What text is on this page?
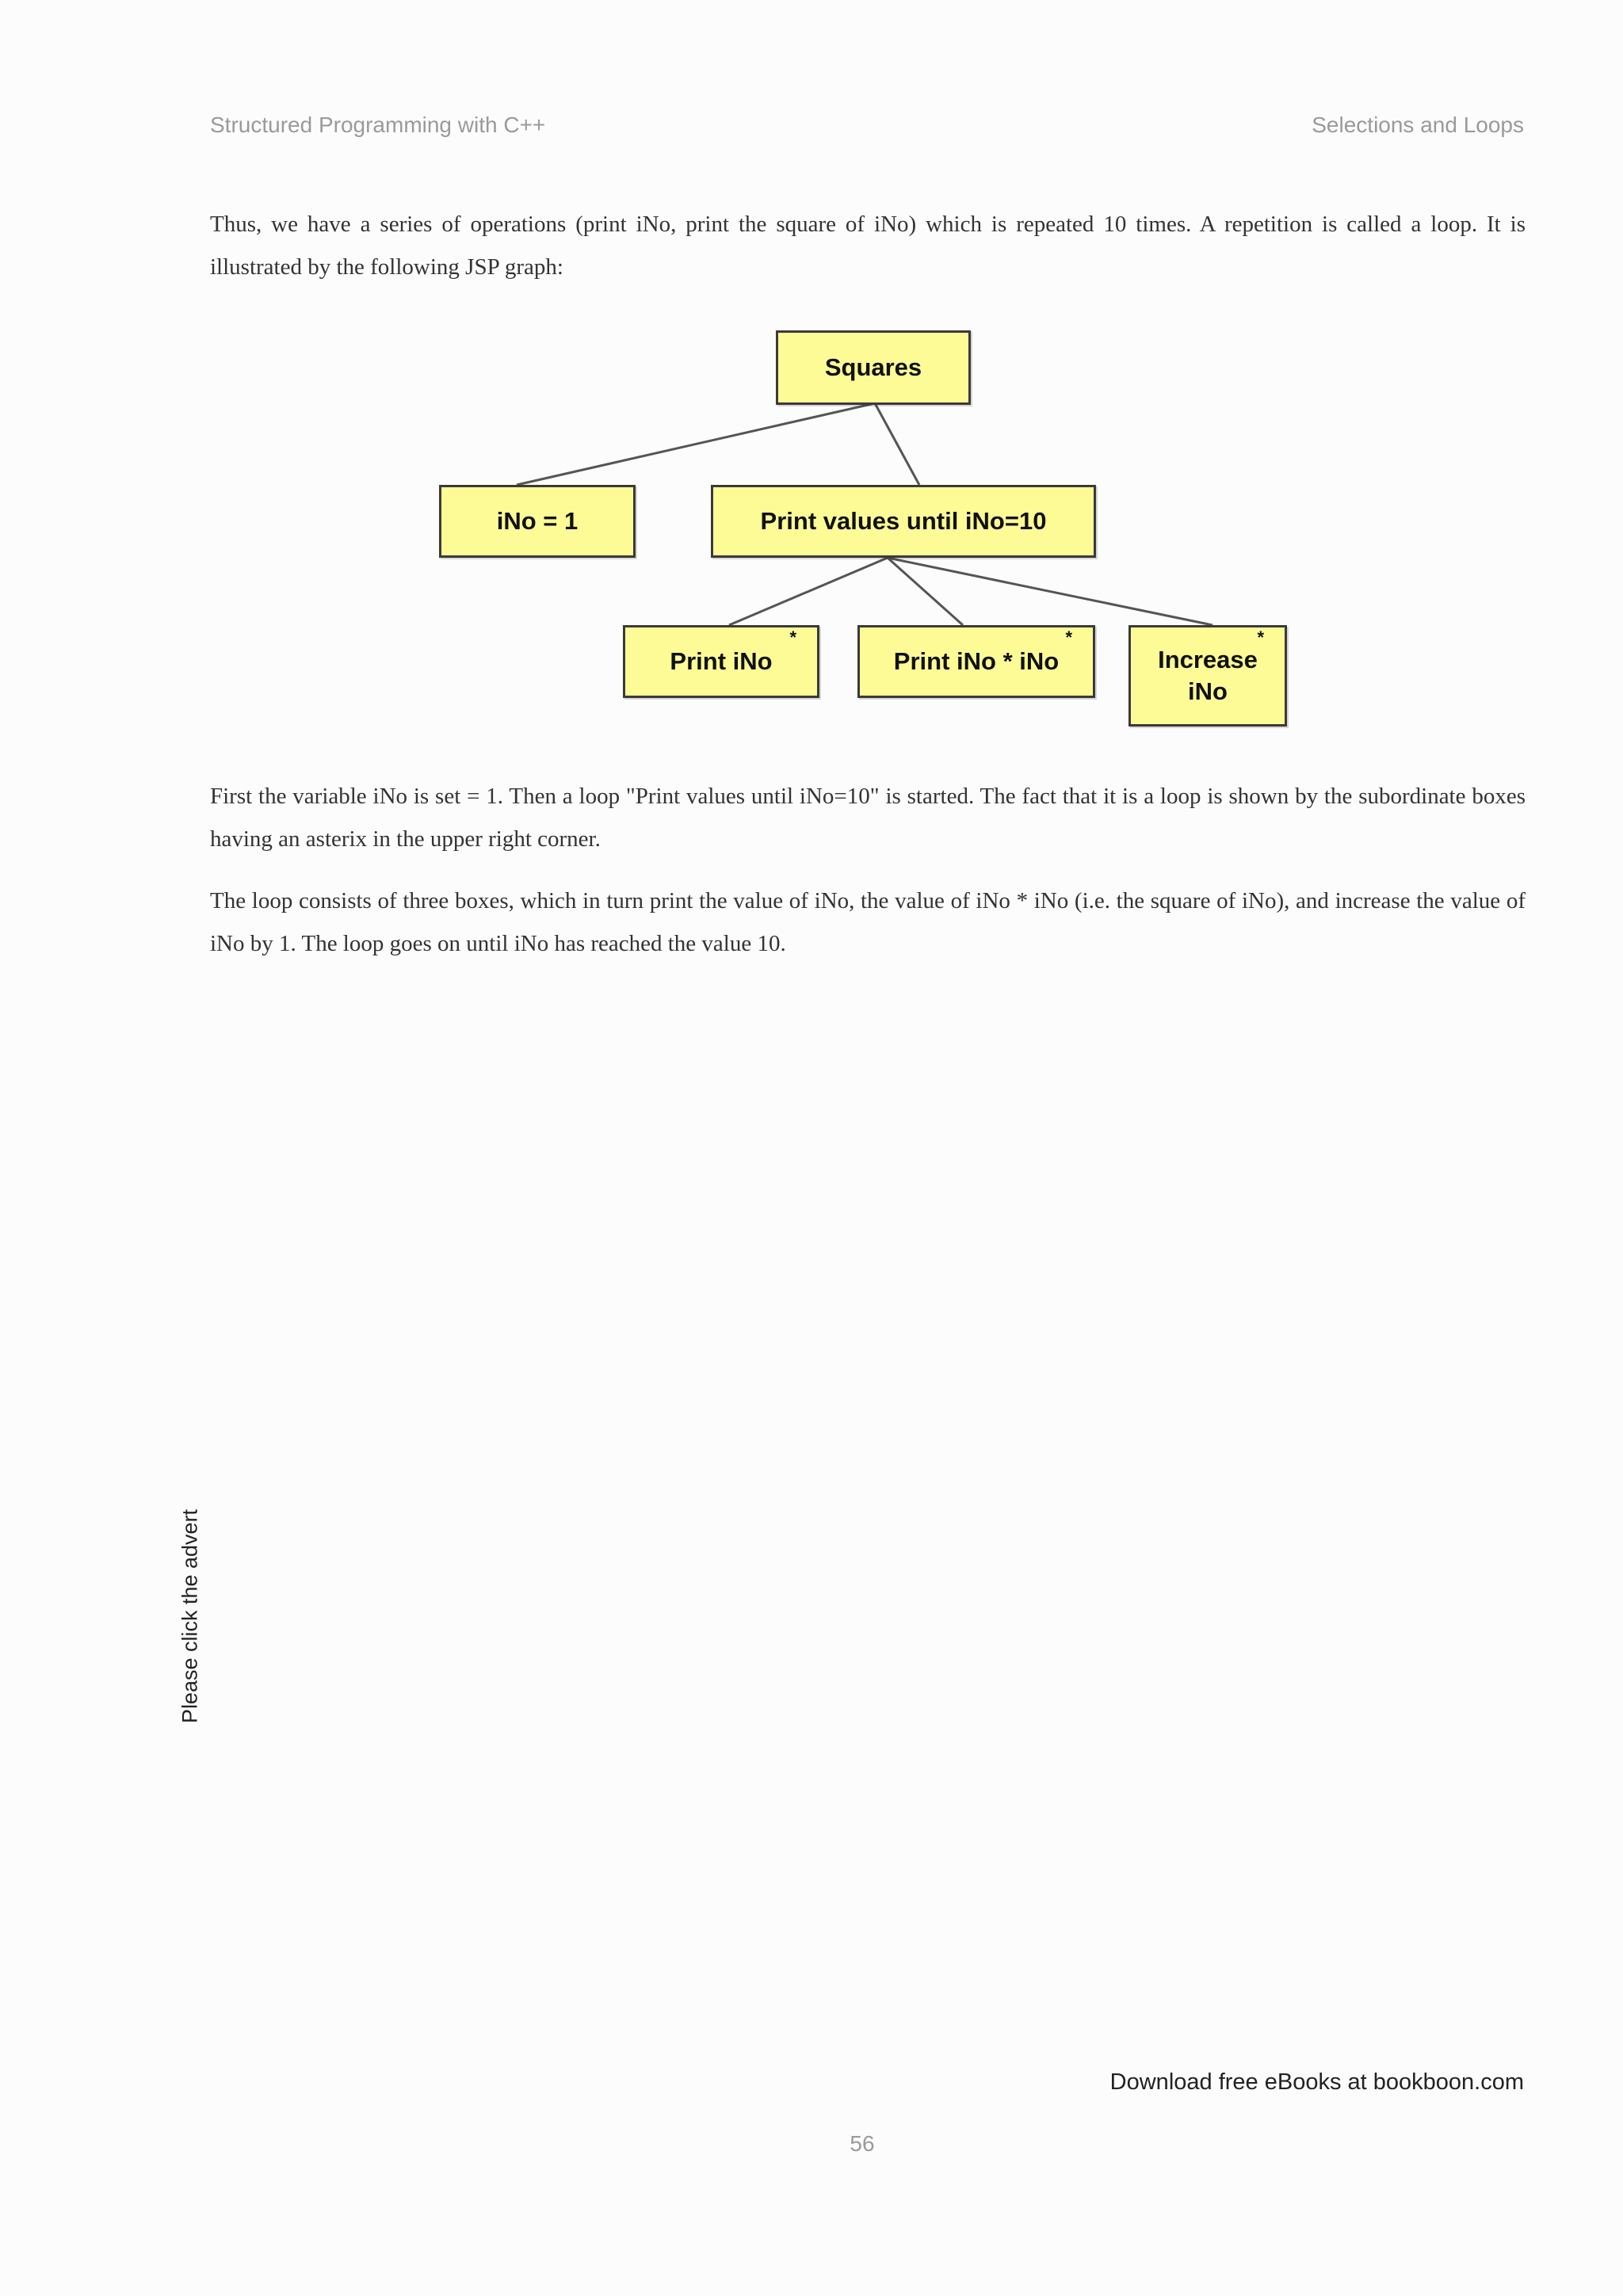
Structured Programming with C++	Selections and Loops

Thus, we have a series of operations (print iNo, print the square of iNo) which is repeated 10 times. A repetition is called a loop. It is illustrated by the following JSP graph:

Squares
iNo = 1	Print values until iNo=10
Print iNo
*
Print iNo * iNo
*
Increase iNo
*

First the variable iNo is set = 1. Then a loop "Print values until iNo=10" is started. The fact that it is a loop is shown by the subordinate boxes having an asterix in the upper right corner.

The loop consists of three boxes, which in turn print the value of iNo, the value of iNo * iNo (i.e. the square of iNo), and increase the value of iNo by 1. The loop goes on until iNo has reached the value 10.

Please click the advert
Download free eBooks at bookboon.com
56
